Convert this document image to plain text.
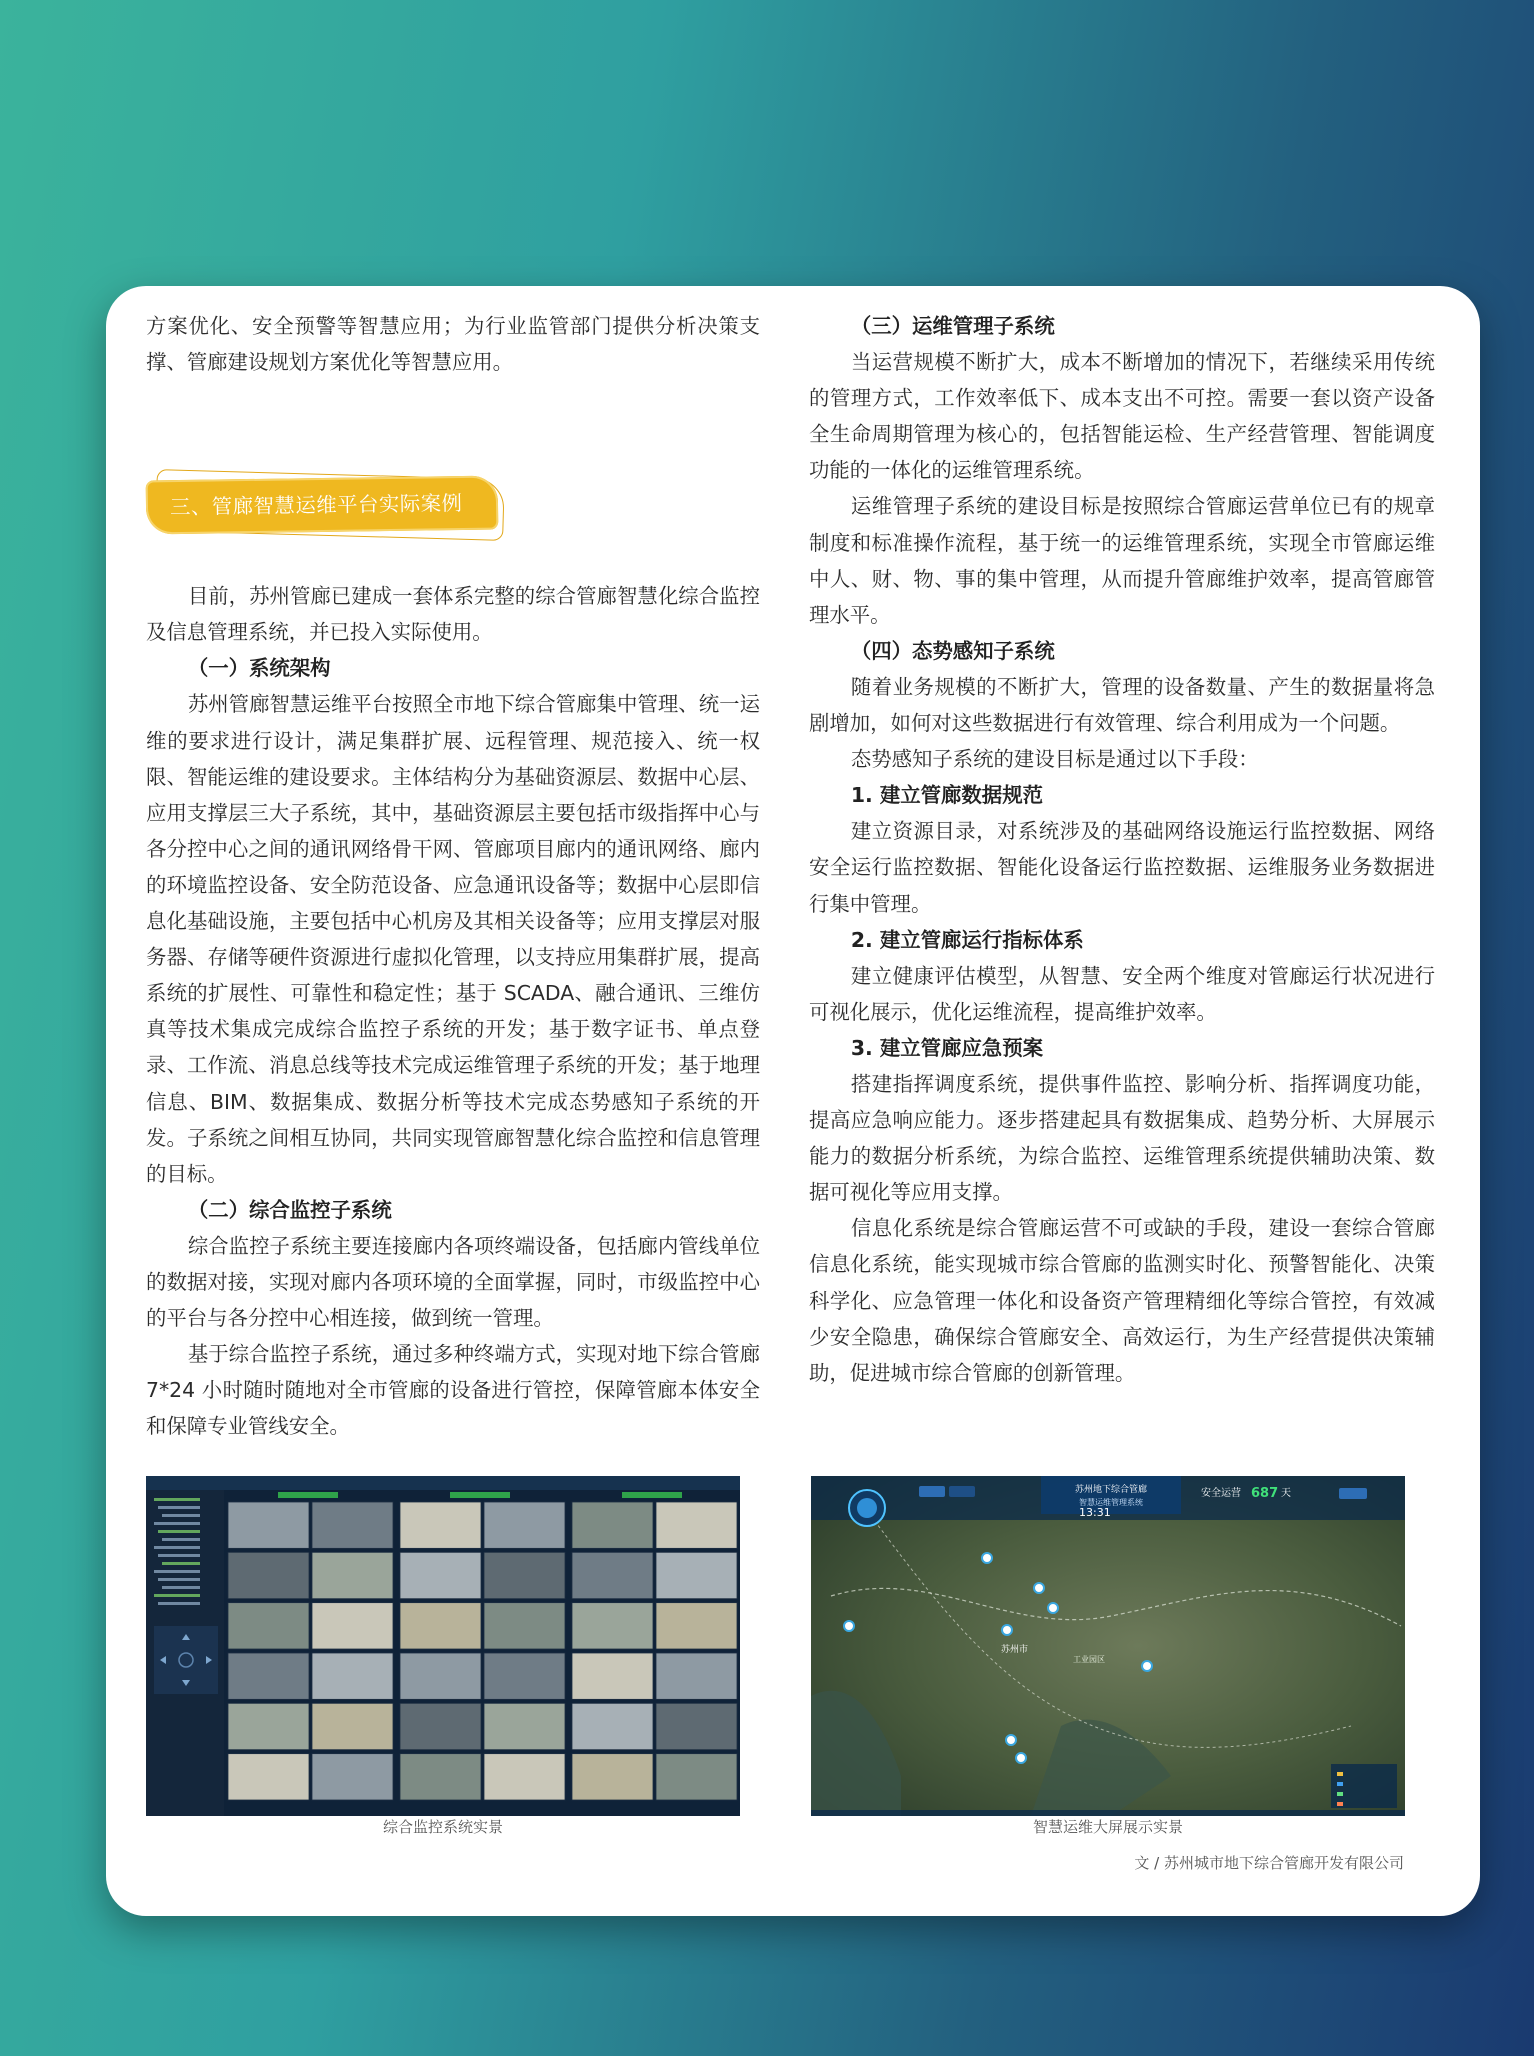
方案优化、安全预警等智慧应用；为行业监管部门提供分析决策支撑、管廊建设规划方案优化等智慧应用。

三、管廊智慧运维平台实际案例

目前，苏州管廊已建成一套体系完整的综合管廊智慧化综合监控及信息管理系统，并已投入实际使用。

（一）系统架构

苏州管廊智慧运维平台按照全市地下综合管廊集中管理、统一运维的要求进行设计，满足集群扩展、远程管理、规范接入、统一权限、智能运维的建设要求。主体结构分为基础资源层、数据中心层、应用支撑层三大子系统，其中，基础资源层主要包括市级指挥中心与各分控中心之间的通讯网络骨干网、管廊项目廊内的通讯网络、廊内的环境监控设备、安全防范设备、应急通讯设备等；数据中心层即信息化基础设施，主要包括中心机房及其相关设备等；应用支撑层对服务器、存储等硬件资源进行虚拟化管理，以支持应用集群扩展，提高系统的扩展性、可靠性和稳定性；基于 SCADA、融合通讯、三维仿真等技术集成完成综合监控子系统的开发；基于数字证书、单点登录、工作流、消息总线等技术完成运维管理子系统的开发；基于地理信息、BIM、数据集成、数据分析等技术完成态势感知子系统的开发。子系统之间相互协同，共同实现管廊智慧化综合监控和信息管理的目标。

（二）综合监控子系统

综合监控子系统主要连接廊内各项终端设备，包括廊内管线单位的数据对接，实现对廊内各项环境的全面掌握，同时，市级监控中心的平台与各分控中心相连接，做到统一管理。

基于综合监控子系统，通过多种终端方式，实现对地下综合管廊 7*24 小时随时随地对全市管廊的设备进行管控，保障管廊本体安全和保障专业管线安全。

（三）运维管理子系统

当运营规模不断扩大，成本不断增加的情况下，若继续采用传统的管理方式，工作效率低下、成本支出不可控。需要一套以资产设备全生命周期管理为核心的，包括智能运检、生产经营管理、智能调度功能的一体化的运维管理系统。

运维管理子系统的建设目标是按照综合管廊运营单位已有的规章制度和标准操作流程，基于统一的运维管理系统，实现全市管廊运维中人、财、物、事的集中管理，从而提升管廊维护效率，提高管廊管理水平。

（四）态势感知子系统

随着业务规模的不断扩大，管理的设备数量、产生的数据量将急剧增加，如何对这些数据进行有效管理、综合利用成为一个问题。

态势感知子系统的建设目标是通过以下手段：

1. 建立管廊数据规范

建立资源目录，对系统涉及的基础网络设施运行监控数据、网络安全运行监控数据、智能化设备运行监控数据、运维服务业务数据进行集中管理。

2. 建立管廊运行指标体系

建立健康评估模型，从智慧、安全两个维度对管廊运行状况进行可视化展示，优化运维流程，提高维护效率。

3. 建立管廊应急预案

搭建指挥调度系统，提供事件监控、影响分析、指挥调度功能，提高应急响应能力。逐步搭建起具有数据集成、趋势分析、大屏展示能力的数据分析系统，为综合监控、运维管理系统提供辅助决策、数据可视化等应用支撑。

信息化系统是综合管廊运营不可或缺的手段，建设一套综合管廊信息化系统，能实现城市综合管廊的监测实时化、预警智能化、决策科学化、应急管理一体化和设备资产管理精细化等综合管控，有效减少安全隐患，确保综合管廊安全、高效运行，为生产经营提供决策辅助，促进城市综合管廊的创新管理。

苏州地下综合管廊
智慧运维管理系统
安全运营 687 天
13:31
苏州市
工业园区
综合监控系统实景	智慧运维大屏展示实景
文 / 苏州城市地下综合管廊开发有限公司
